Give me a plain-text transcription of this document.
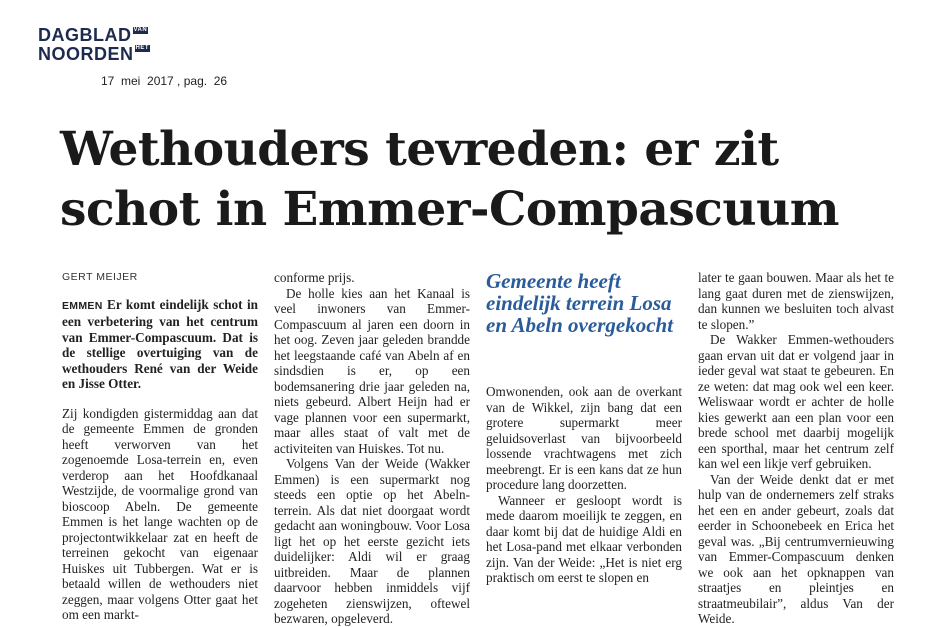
DAGBLAD VAN
NOORDEN HET
17  mei  2017 , pag.  26
Wethouders tevreden: er zit schot in Emmer-Compascuum
GERT MEIJER

EMMEN Er komt eindelijk schot in een verbetering van het centrum van Emmer-Compascuum. Dat is de stellige overtuiging van de wethouders René van der Weide en Jisse Otter.

Zij kondigden gistermiddag aan dat de gemeente Emmen de gronden heeft verworven van het zogenoemde Losa-terrein en, even verderop aan het Hoofdkanaal Westzijde, de voormalige grond van bioscoop Abeln. De gemeente Emmen is het lange wachten op de projectontwikkelaar zat en heeft de terreinen gekocht van eigenaar Huiskes uit Tubbergen. Wat er is betaald willen de wethouders niet zeggen, maar volgens Otter gaat het om een markt-

conforme prijs.

De holle kies aan het Kanaal is veel inwoners van Emmer-Compascuum al jaren een doorn in het oog. Zeven jaar geleden brandde het leegstaande café van Abeln af en sindsdien is er, op een bodemsanering drie jaar geleden na, niets gebeurd. Albert Heijn had er vage plannen voor een supermarkt, maar alles staat of valt met de activiteiten van Huiskes. Tot nu.

Volgens Van der Weide (Wakker Emmen) is een supermarkt nog steeds een optie op het Abeln-terrein. Als dat niet doorgaat wordt gedacht aan woningbouw. Voor Losa ligt het op het eerste gezicht iets duidelijker: Aldi wil er graag uitbreiden. Maar de plannen daarvoor hebben inmiddels vijf zogeheten zienswijzen, oftewel bezwaren, opgeleverd.

Gemeente heeft eindelijk terrein Losa en Abeln overgekocht

Omwonenden, ook aan de overkant van de Wikkel, zijn bang dat een grotere supermarkt meer geluidsoverlast van bijvoorbeeld lossende vrachtwagens met zich meebrengt. Er is een kans dat ze hun procedure lang doorzetten.

Wanneer er gesloopt wordt is mede daarom moeilijk te zeggen, en daar komt bij dat de huidige Aldi en het Losa-pand met elkaar verbonden zijn. Van der Weide: „Het is niet erg praktisch om eerst te slopen en

later te gaan bouwen. Maar als het te lang gaat duren met de zienswijzen, dan kunnen we besluiten toch alvast te slopen.”

De Wakker Emmen-wethouders gaan ervan uit dat er volgend jaar in ieder geval wat staat te gebeuren. En ze weten: dat mag ook wel een keer. Weliswaar wordt er achter de holle kies gewerkt aan een plan voor een brede school met daarbij mogelijk een sporthal, maar het centrum zelf kan wel een likje verf gebruiken.

Van der Weide denkt dat er met hulp van de ondernemers zelf straks het een en ander gebeurt, zoals dat eerder in Schoonebeek en Erica het geval was. „Bij centrumvernieuwing van Emmer-Compascuum denken we ook aan het opknappen van straatjes en pleintjes en straatmeubilair”, aldus Van der Weide.
